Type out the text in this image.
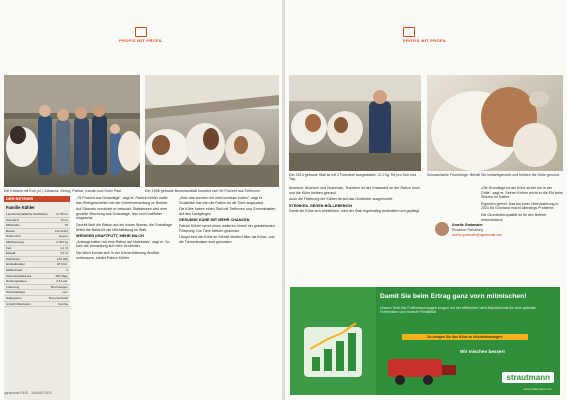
PROFIS MIT PROFIL
Die Kühlers mit Kuh (v.l.) Johanna, Georg, Patrick, Karolin und Sohn Paul.	Der 1996 gebaute Boxenlaufstall bewährt sich 90 Prozent aus Tiefboxen.
DER BETRIEB
Familie Kühler
Landwirtschaftliche Nutzfläche	rd. 85 ha
Grünland	75 ha
Milchkühe	76
Rasse	Fleckvieh
Nachzucht	eigene
Milchleistung	9.000 kg
Fett	4,1 %
Eiweiß	3,6 %
Zellzahlen	165.000
Erstkalbealter	26 Mon.
Melkroboter	2
Zwischenkalbezeit	390 Tage
Nutzungsdauer	3,5 Lakt.
Fütterung	Mischwagen
Weidehaltung	nein
Stallsystem	Boxenlaufstall
Anzahl Mitarbeiter	Familie

„75 Prozent aus Grassilage“, sagt er. Patrick Kühler malte das Wirtsgeschehen bei der Körnerverwertung im Betrieb.

Auf Silomais verzichtet er bewusst. Stattdessen wird eine gezielte Mischung aus Grassilage, Heu und Kraftfutter eingesetzt.

Derzeit läuft die Ration auf ein hohes Niveau; die Grassilage liefert die Basis für die Milchleistung im Stall.

WENIGER KRAFTFUTT, MEHR MILCH

„Anfangs hatten wir eine Ration auf Maisbasis“, sagt er. So kam die Umstellung auf mehr Grobfutter.

Die Milch konnte sich in der Körnerfütterung deutlich verbessern, erklärt Patrick Kühler.

„Aber das konnten wir nicht konstant halten“, sagt er. Zusätzlich hat sich die Ration an die Tiere angepasst.

Die Kühe haben einen Stall mit Tiefboxen und Gummimatten auf den Laufgängen.

GESUNDE KÜHE MIT MEHR CHANCEN

Patrick Kühler nennt einen weiteren Vorteil der grasbetonten Fütterung: Die Tiere bleiben gesünder.

Längst sind die Kühe im Schnitt deutlich älter als früher, und die Tierarztkosten sind gesunken.

agrarheute RIND · JANUAR 2025
PROFIS MIT PROFIL
Der 2014 gebaute Stall ist mit 2 Robotern ausgestattet; 22,2 kg TM pro Kuh und Tag.
Schwachkeile Fruchtfolge: Behält Sie bedarfsgerecht und bleiben die Kühe gesund.

Anonium, Anonium und Nochmals. Trotzdem ist der Grasanteil an der Ration hoch, und die Kühe bleiben gesund.

Auch die Fütterung der Kälber ist auf das Grobfutter ausgerichtet.

STEINKEIL GEGEN BÖLLEBERICH

Damit die Kühe sich wohlfühlen, wird der Stall regelmäßig kontrolliert und gepflegt.

Amelie Grabmaier
Redaktion Tierhaltung
amelie.grabmaier@agrarheute.com

„Die Grundlage ist der Kühe sicher ein in der Grille“, sagt er. Seinen Kühen reicht er die EM beim Silieren im Sattler.

Eigenlich geehrt. Das bei einer Überdosierung in 2021 für Grünland macht allerdings Probleme.

Die Grundfutterqualität ist für den Betrieb entscheidend.

Damit Sie beim Ertrag ganz vorn mitmischen!
Unsere Verti-Mix Futtermischwagen sorgen mit der effizienten Verti-Mischtechnik für eine optimale Futterration und höchste Flexibilität.
So bringen Sie Ihre Kühe zu Höchstleistungen!
Wir mischen besser!
strautmann
www.strautmann.com
